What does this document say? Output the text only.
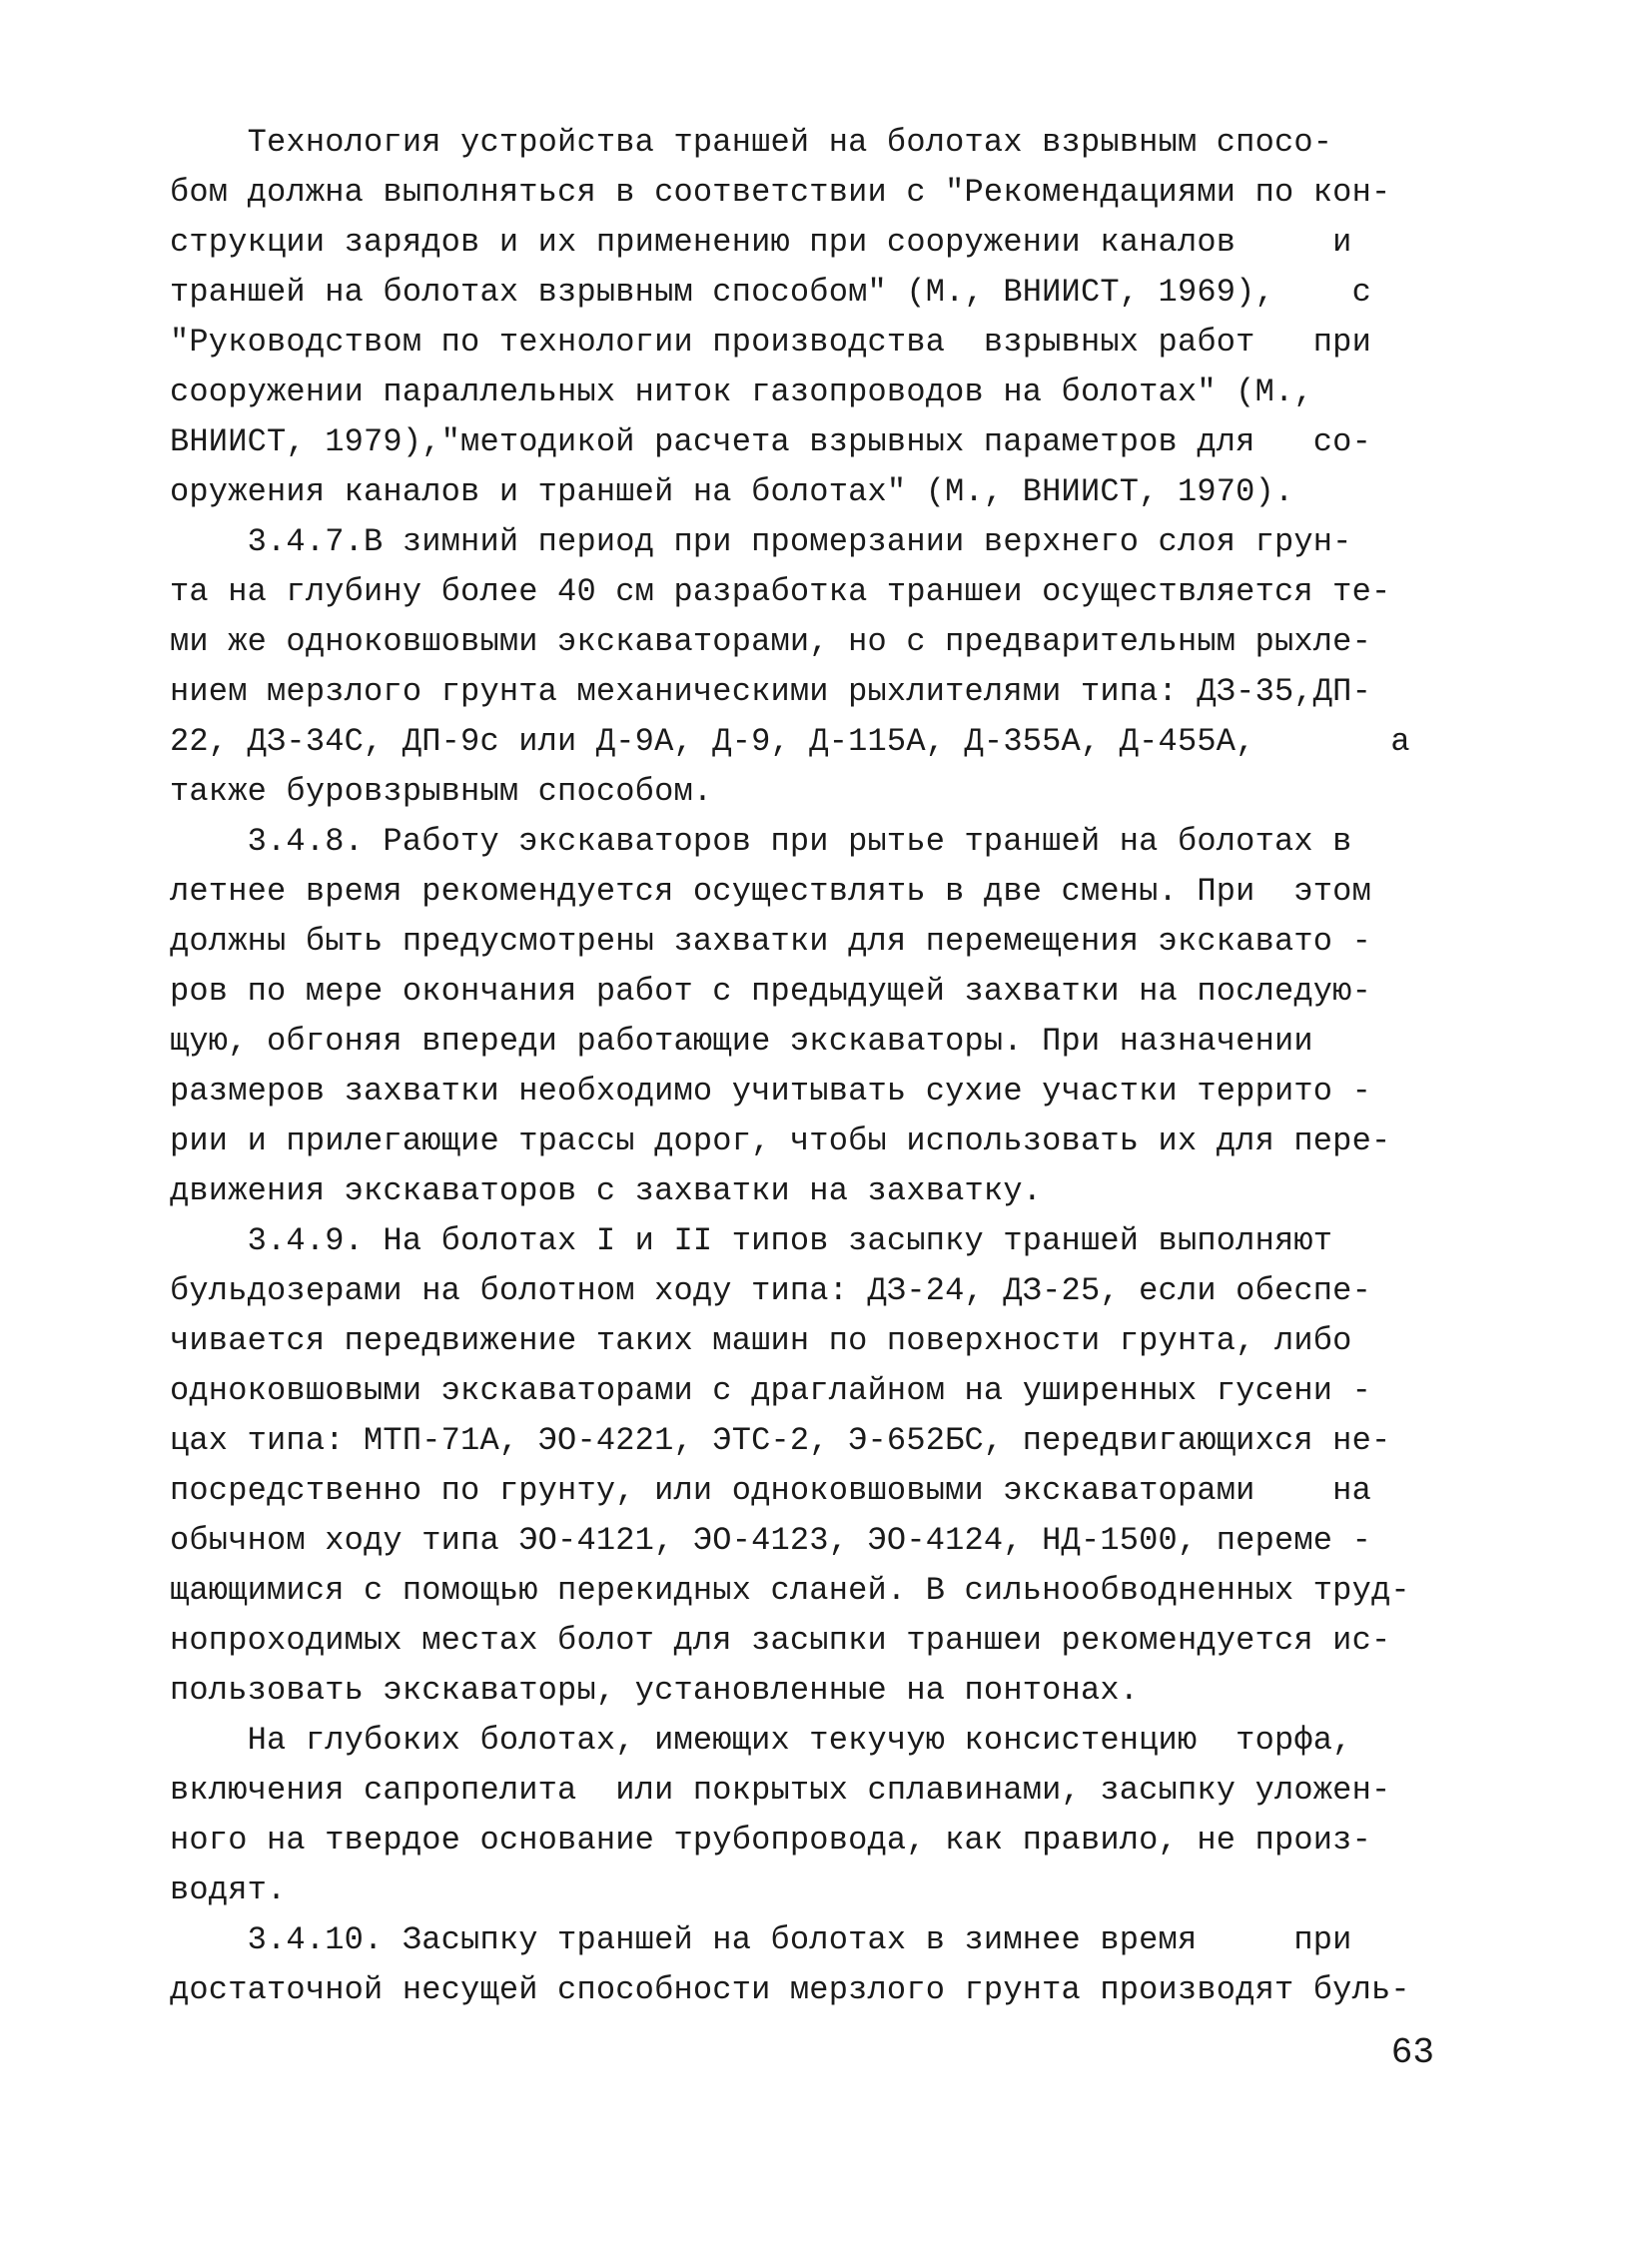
Технология устройства траншей на болотах взрывным спосо-
бом должна выполняться в соответствии с "Рекомендациями по кон-
струкции зарядов и их применению при сооружении каналов     и
траншей на болотах взрывным способом" (М., ВНИИСТ, 1969),    с
"Руководством по технологии производства  взрывных работ   при
сооружении параллельных ниток газопроводов на болотах" (М.,
ВНИИСТ, 1979),"методикой расчета взрывных параметров для   со-
оружения каналов и траншей на болотах" (М., ВНИИСТ, 1970).
3.4.7.В зимний период при промерзании верхнего слоя грун-
та на глубину более 40 см разработка траншеи осуществляется те-
ми же одноковшовыми экскаваторами, но с предварительным рыхле-
нием мерзлого грунта механическими рыхлителями типа: ДЗ-35,ДП-
22, ДЗ-34С, ДП-9с или Д-9А, Д-9, Д-115А, Д-355А, Д-455А,       а
также буровзрывным способом.
3.4.8. Работу экскаваторов при рытье траншей на болотах в
летнее время рекомендуется осуществлять в две смены. При  этом
должны быть предусмотрены захватки для перемещения экскавато -
ров по мере окончания работ с предыдущей захватки на последую-
щую, обгоняя впереди работающие экскаваторы. При назначении
размеров захватки необходимо учитывать сухие участки террито -
рии и прилегающие трассы дорог, чтобы использовать их для пере-
движения экскаваторов с захватки на захватку.
3.4.9. На болотах I и II типов засыпку траншей выполняют
бульдозерами на болотном ходу типа: ДЗ-24, ДЗ-25, если обеспе-
чивается передвижение таких машин по поверхности грунта, либо
одноковшовыми экскаваторами с драглайном на уширенных гусени -
цах типа: МТП-71А, ЭО-4221, ЭТС-2, Э-652БС, передвигающихся не-
посредственно по грунту, или одноковшовыми экскаваторами    на
обычном ходу типа ЭО-4121, ЭО-4123, ЭО-4124, НД-1500, переме -
щающимися с помощью перекидных сланей. В сильнообводненных труд-
нопроходимых местах болот для засыпки траншеи рекомендуется ис-
пользовать экскаваторы, установленные на понтонах.
На глубоких болотах, имеющих текучую консистенцию  торфа,
включения сапропелита  или покрытых сплавинами, засыпку уложен-
ного на твердое основание трубопровода, как правило, не произ-
водят.
3.4.10. Засыпку траншей на болотах в зимнее время     при
достаточной несущей способности мерзлого грунта производят буль-
63
